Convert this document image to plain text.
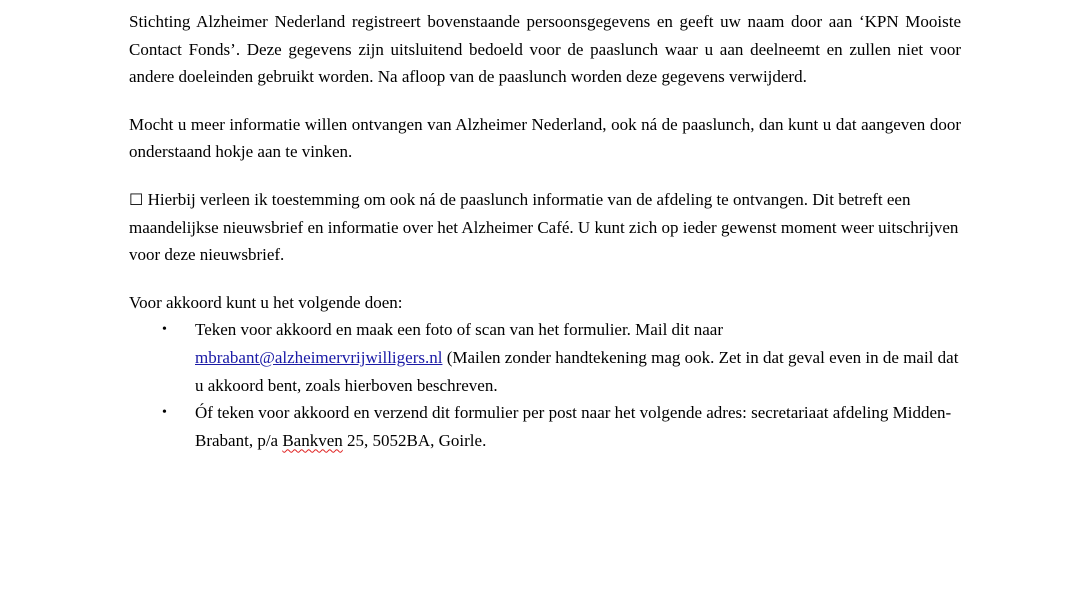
Stichting Alzheimer Nederland registreert bovenstaande persoonsgegevens en geeft uw naam door aan ‘KPN Mooiste Contact Fonds’. Deze gegevens zijn uitsluitend bedoeld voor de paaslunch waar u aan deelneemt en zullen niet voor andere doeleinden gebruikt worden. Na afloop van de paaslunch worden deze gegevens verwijderd.

Mocht u meer informatie willen ontvangen van Alzheimer Nederland, ook ná de paaslunch, dan kunt u dat aangeven door onderstaand hokje aan te vinken.

☐ Hierbij verleen ik toestemming om ook ná de paaslunch informatie van de afdeling te ontvangen. Dit betreft een maandelijkse nieuwsbrief en informatie over het Alzheimer Café. U kunt zich op ieder gewenst moment weer uitschrijven voor deze nieuwsbrief.

Voor akkoord kunt u het volgende doen:

• Teken voor akkoord en maak een foto of scan van het formulier. Mail dit naar mbrabant@alzheimervrijwilligers.nl (Mailen zonder handtekening mag ook. Zet in dat geval even in de mail dat u akkoord bent, zoals hierboven beschreven.
• Óf teken voor akkoord en verzend dit formulier per post naar het volgende adres: secretariaat afdeling Midden-Brabant, p/a Bankven 25, 5052BA, Goirle.
